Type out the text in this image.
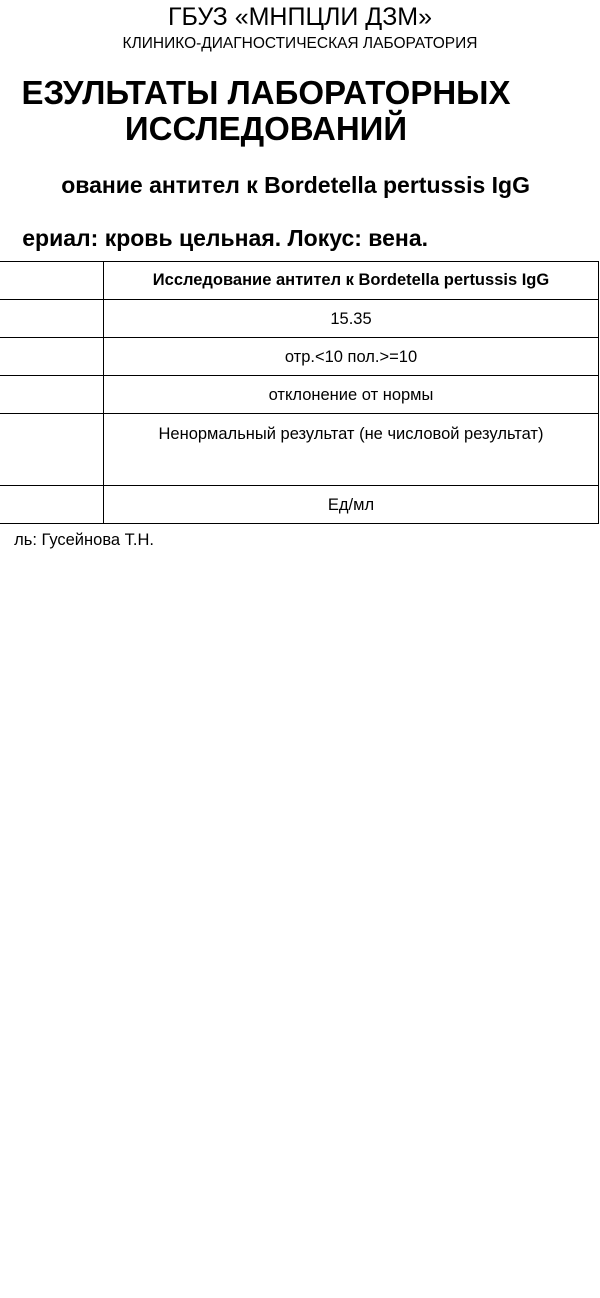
ГБУЗ «МНПЦЛИ ДЗМ»
КЛИНИКО-ДИАГНОСТИЧЕСКАЯ ЛАБОРАТОРИЯ
ЕЗУЛЬТАТЫ ЛАБОРАТОРНЫХ
ИССЛЕДОВАНИЙ
ование антител к Bordetella pertussis IgG
ериал: кровь цельная. Локус: вена.
	Исследование антител к Bordetella pertussis IgG
	15.35
	отр.<10 пол.>=10
	отклонение от нормы

	Ненормальный результат (не числовой результат)
	Ед/мл
ль: Гусейнова Т.Н.
